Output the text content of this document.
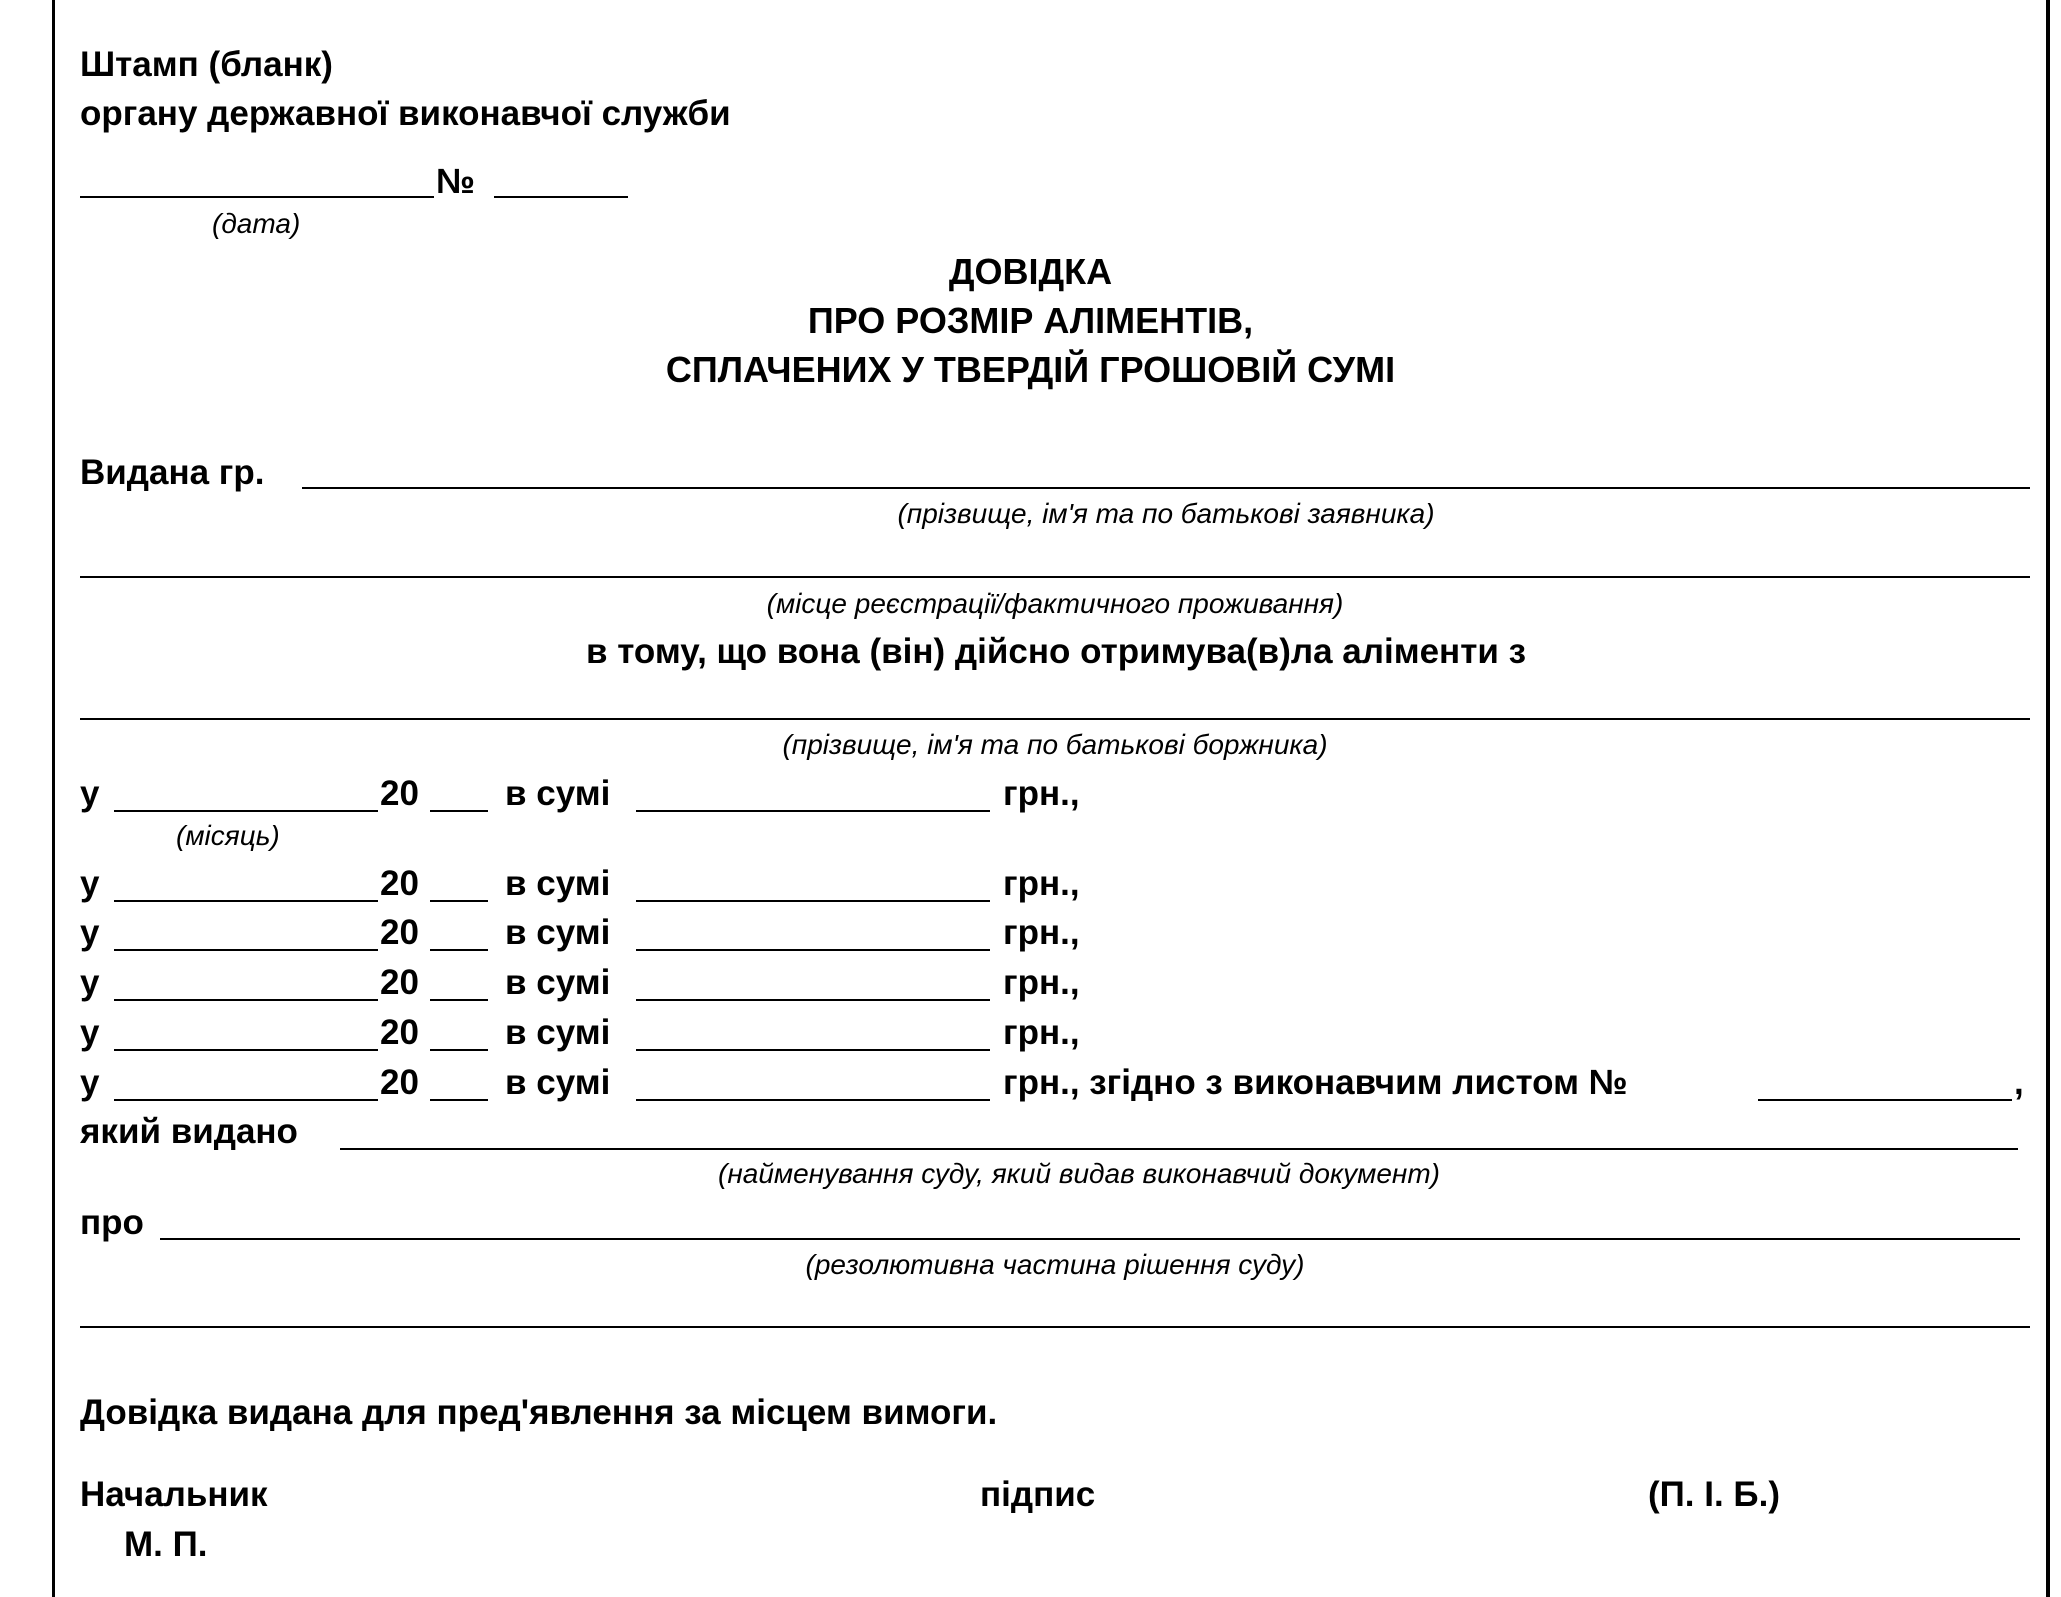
Штамп (бланк)
органу державної виконавчої служби
№
(дата)
ДОВІДКА
ПРО РОЗМІР АЛІМЕНТІВ,
СПЛАЧЕНИХ У ТВЕРДІЙ ГРОШОВІЙ СУМІ
Видана гр.
(прізвище, ім'я та по батькові заявника)
(місце реєстрації/фактичного проживання)
в тому, що вона (він) дійсно отримува(в)ла аліменти з
(прізвище, ім'я та по батькові боржника)
у	20 в сумі	грн.,
(місяць)
у	20 в сумі	грн.,
у	20 в сумі	грн.,
у	20 в сумі	грн.,
у	20 в сумі	грн.,
у	20 в сумі	грн., згідно з виконавчим листом №	,
який видано
(найменування суду, який видав виконавчий документ)
про
(резолютивна частина рішення суду)
Довідка видана для пред'явлення за місцем вимоги.
Начальник	підпис	(П. І. Б.)
М. П.
